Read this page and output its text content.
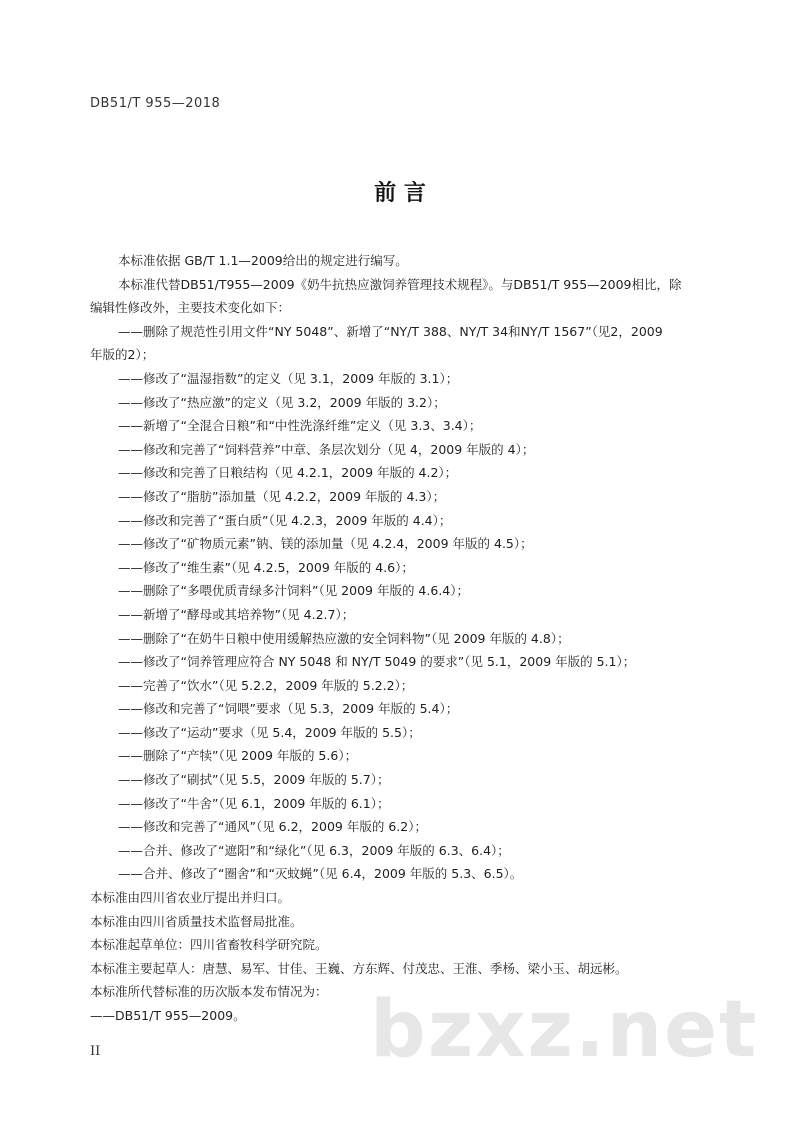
DB51/T 955—2018
前 言
本标准依据 GB/T 1.1—2009给出的规定进行编写。
本标准代替DB51/T955—2009《奶牛抗热应激饲养管理技术规程》。与DB51/T 955—2009相比，除
编辑性修改外，主要技术变化如下：
——删除了规范性引用文件“NY 5048”、新增了“NY/T 388、NY/T 34和NY/T 1567”（见2，2009
年版的2）；
——修改了“温湿指数”的定义（见 3.1，2009 年版的 3.1）；
——修改了“热应激”的定义（见 3.2，2009 年版的 3.2）；
——新增了“全混合日粮”和“中性洗涤纤维”定义（见 3.3、3.4）；
——修改和完善了“饲料营养”中章、条层次划分（见 4，2009 年版的 4）；
——修改和完善了日粮结构（见 4.2.1，2009 年版的 4.2）；
——修改了“脂肪”添加量（见 4.2.2，2009 年版的 4.3）；
——修改和完善了“蛋白质”（见 4.2.3，2009 年版的 4.4）；
——修改了“矿物质元素”钠、镁的添加量（见 4.2.4，2009 年版的 4.5）；
——修改了“维生素”（见 4.2.5，2009 年版的 4.6）；
——删除了“多喂优质青绿多汁饲料”（见 2009 年版的 4.6.4）；
——新增了“酵母或其培养物”（见 4.2.7）；
——删除了“在奶牛日粮中使用缓解热应激的安全饲料物”（见 2009 年版的 4.8）；
——修改了“饲养管理应符合 NY 5048 和 NY/T 5049 的要求”（见 5.1，2009 年版的 5.1）；
——完善了“饮水”（见 5.2.2，2009 年版的 5.2.2）；
——修改和完善了“饲喂”要求（见 5.3，2009 年版的 5.4）；
——修改了“运动”要求（见 5.4，2009 年版的 5.5）；
——删除了“产犊”（见 2009 年版的 5.6）；
——修改了“刷拭”（见 5.5，2009 年版的 5.7）；
——修改了“牛舍”（见 6.1，2009 年版的 6.1）；
——修改和完善了“通风”（见 6.2，2009 年版的 6.2）；
——合并、修改了“遮阳”和“绿化”（见 6.3，2009 年版的 6.3、6.4）；
——合并、修改了“圈舍”和“灭蚊蝇”（见 6.4，2009 年版的 5.3、6.5）。
本标准由四川省农业厅提出并归口。
本标准由四川省质量技术监督局批准。
本标准起草单位：四川省畜牧科学研究院。
本标准主要起草人：唐慧、易军、甘佳、王巍、方东辉、付茂忠、王淮、季杨、梁小玉、胡远彬。
本标准所代替标准的历次版本发布情况为：
——DB51/T 955—2009。	bzxz.net
II
